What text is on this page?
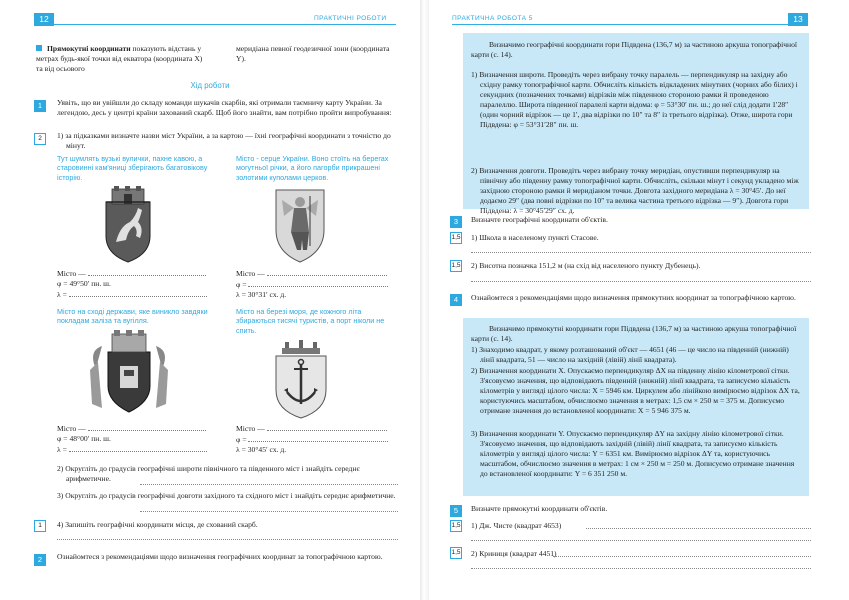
12	ПРАКТИЧНІ РОБОТИ

Прямокутні координати показують відстань у метрах будь-якої точки від екватора (координата X) та від осьового

меридіана певної геодезичної зони (координата Y).

Хід роботи
1	Уявіть, що ви увійшли до складу команди шукачів скарбів, які отримали таємничу карту України. За легендою, десь у центрі країни захований скарб. Щоб його знайти, вам потрібно пройти випробування:
2	1) за підказками визначте назви міст України, а за картою — їхні географічні координати з точністю до мінут.
Тут шумлять вузькі вулички, пахне кавою, а старовинні кам'яниці зберігають багатовікову історію.
Місто —
φ = 49°50′ пн. ш.
λ =
Місто - серце України. Воно стоїть на берегах могутньої річки, а його пагорби прикрашені золотими куполами церков.
Місто —
φ =
λ = 30°31′ сх. д.
Місто на сході держави, яке виникло завдяки покладам заліза та вугілля.
Місто —
φ = 48°00′ пн. ш.
λ =
Місто на березі моря, де кожного літа збираються тисячі туристів, а порт ніколи не спить.
Місто —
φ =
λ = 30°45′ сх. д.
2) Округліть до градусів географічні широти північного та південного міст і знайдіть середнє арифметичне.
3) Округліть до градусів географічні довготи західного та східного міст і знайдіть середнє арифметичне.
1	4) Запишіть географічні координати місця, де схований скарб.
2	Ознайомтеся з рекомендаціями щодо визначення географічних координат за топографічною картою.
ПРАКТИЧНА РОБОТА 5	13

Визначимо географічні координати гори Підвдена (136,7 м) за частиною аркуша топографічної карти (с. 14).

1) Визначення широти. Проведіть через вибрану точку паралель — перпендикуляр на західну або східну рамку топографічної карти. Обчисліть кількість відкладених мінутних (чорних або білих) і секундних (позначених точками) відрізків між південною стороною рамки й проведеною паралеллю. Широта південної паралелі карти відома: φ = 53°30′ пн. ш.; до неї слід додати 1′28″ (один чорний відрізок — це 1′, два відрізки по 10″ та 8″ із третього відрізка). Отже, широта гори Підвдена: φ = 53°31′28″ пн. ш.

2) Визначення довготи. Проведіть через вибрану точку меридіан, опустивши перпендикуляр на північну або південну рамку топографічної карти. Обчисліть, скільки мінут і секунд укладено між західною стороною рамки й меридіаном точки. Довгота західного меридіана λ = 30°45′. До неї додаємо 29″ (два повні відрізки по 10″ та велика частина третього відрізка — 9″). Довгота гори Підвдена: λ = 30°45′29″ сх. д.

3	Визначте географічні координати об'єктів.
1,5 1) Школа в населеному пункті Стасове.
1,5 2) Висотна позначка 151,2 м (на схід від населеного пункту Дубенець).
4	Ознайомтеся з рекомендаціями щодо визначення прямокутних координат за топографічною картою.

Визначимо прямокутні координати гори Підвдена (136,7 м) за частиною аркуша топографічної карти (с. 14).

1) Знаходимо квадрат, у якому розташований об'єкт — 4651 (46 — це число на південній (нижній) лінії квадрата, 51 — число на західній (лівій) лінії квадрата).

2) Визначення координати X. Опускаємо перпендикуляр ΔX на південну лінію кілометрової сітки. З'ясовуємо значення, що відповідають південній (нижній) лінії квадрата, та записуємо кількість кілометрів у вигляді цілого числа: X = 5946 км. Циркулем або лінійкою вимірюємо відрізок ΔX та, користуючись масштабом, обчислюємо значення в метрах: 1,5 см × 250 м = 375 м. Дописуємо отримане значення до встановленої координати: X = 5 946 375 м.

3) Визначення координати Y. Опускаємо перпендикуляр ΔY на західну лінію кілометрової сітки. З'ясовуємо значення, що відповідають західній (лівій) лінії квадрата, та записуємо кількість кілометрів у вигляді цілого числа: Y = 6351 км. Вимірюємо відрізок ΔY та, користуючись масштабом, обчислюємо значення в метрах: 1 см × 250 м = 250 м. Дописуємо отримане значення до встановленої координати: Y = 6 351 250 м.

5	Визначте прямокутні координати об'єктів.
1,5 1) Дж. Чисте (квадрат 4653)
1,5 2) Криниця (квадрат 4451)
